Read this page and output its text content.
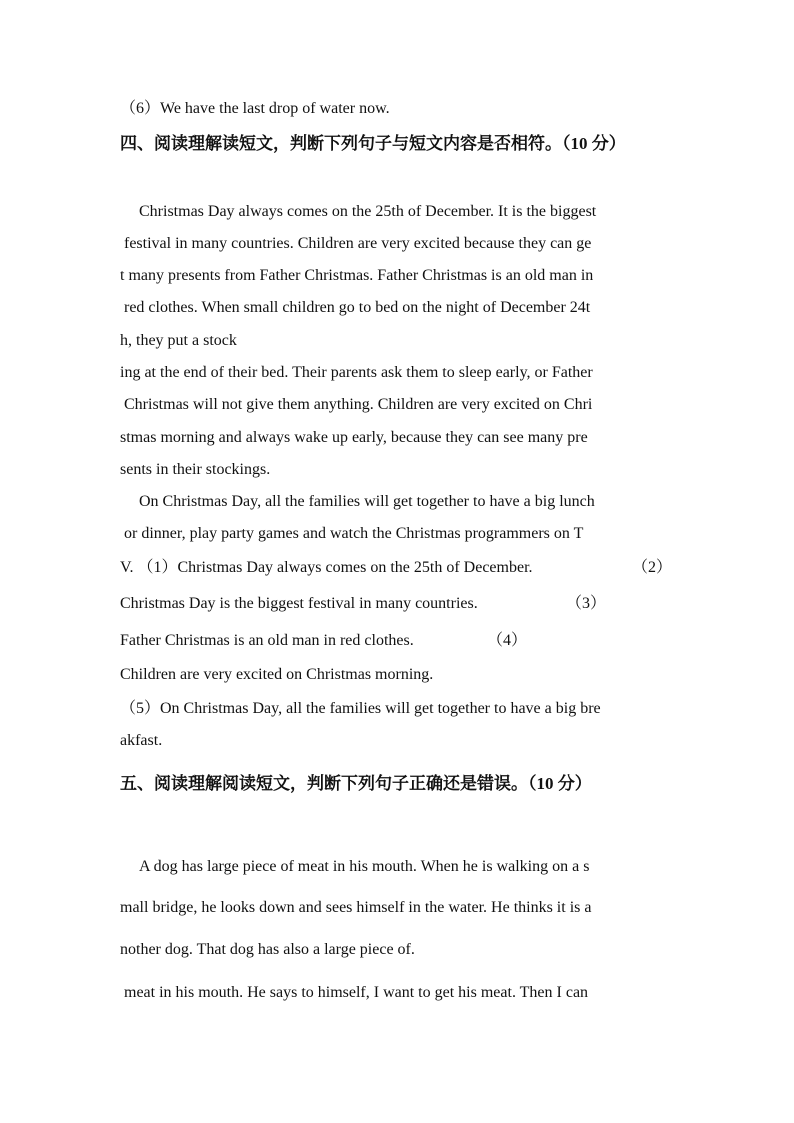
（6）We have the last drop of water now.
四、阅读理解读短文，判断下列句子与短文内容是否相符。（10 分）
Christmas Day always comes on the 25th of December. It is the biggest
festival in many countries. Children are very excited because they can ge
t many presents from Father Christmas. Father Christmas is an old man in
red clothes. When small children go to bed on the night of December 24t
h, they put a stock
ing at the end of their bed. Their parents ask them to sleep early, or Father
Christmas will not give them anything. Children are very excited on Chri
stmas morning and always wake up early, because they can see many pre
sents in their stockings.
On Christmas Day, all the families will get together to have a big lunch
or dinner, play party games and watch the Christmas programmers on T
V. （1）Christmas Day always comes on the 25th of December.	（2）
Christmas Day is the biggest festival in many countries.	（3）
Father Christmas is an old man in red clothes.	（4）
Children are very excited on Christmas morning.
（5）On Christmas Day, all the families will get together to have a big bre
akfast.
五、阅读理解阅读短文，判断下列句子正确还是错误。（10 分）
A dog has large piece of meat in his mouth. When he is walking on a s
mall bridge, he looks down and sees himself in the water. He thinks it is a
nother dog. That dog has also a large piece of.
meat in his mouth. He says to himself, I want to get his meat. Then I can
